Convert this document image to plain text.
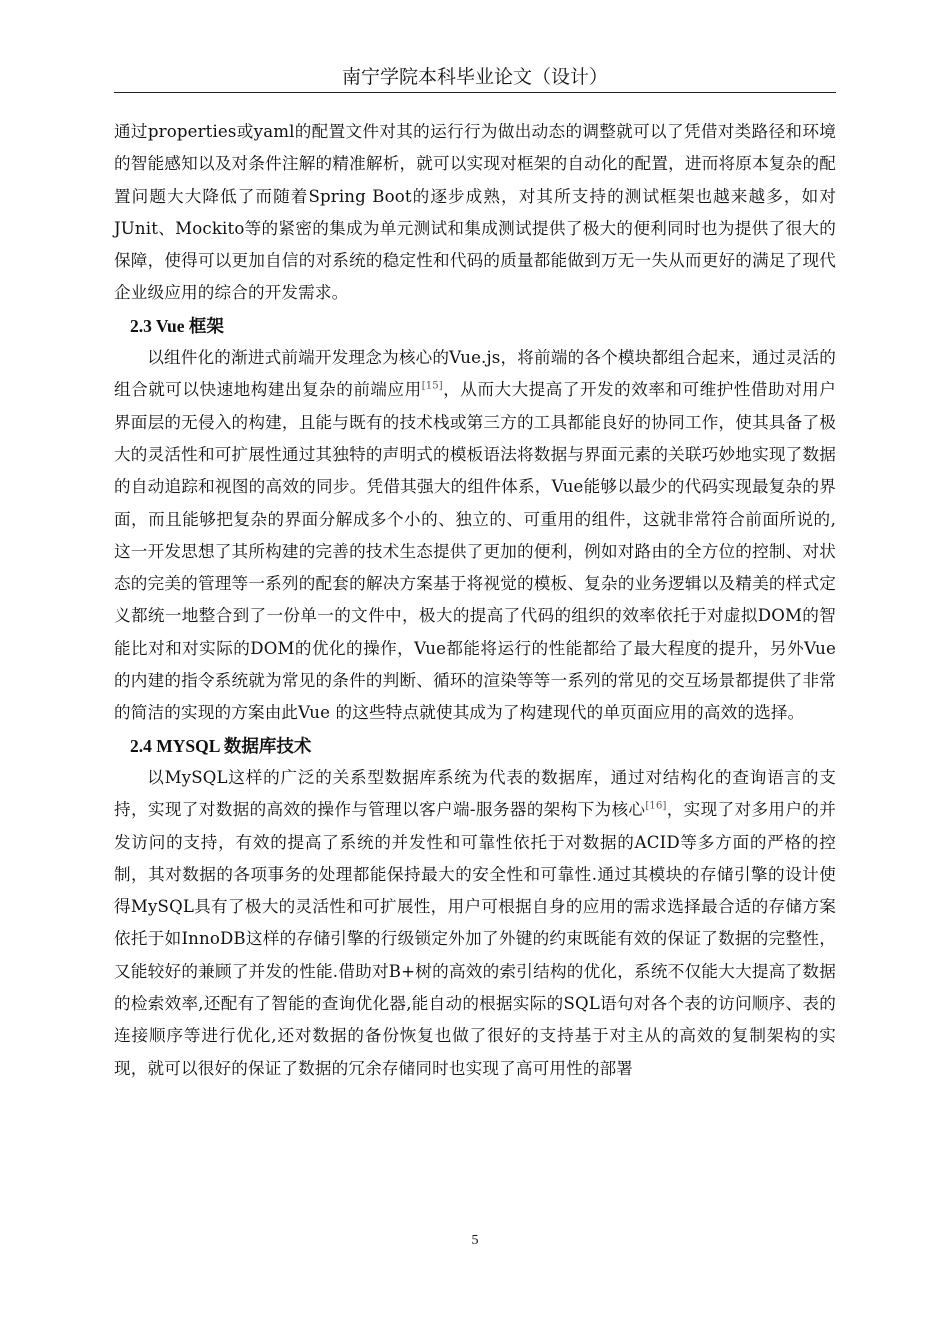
南宁学院本科毕业论文（设计）

通过properties或yaml的配置文件对其的运行行为做出动态的调整就可以了凭借对类路径和环境的智能感知以及对条件注解的精准解析，就可以实现对框架的自动化的配置，进而将原本复杂的配置问题大大降低了而随着Spring Boot的逐步成熟，对其所支持的测试框架也越来越多，如对JUnit、Mockito等的紧密的集成为单元测试和集成测试提供了极大的便利同时也为提供了很大的保障，使得可以更加自信的对系统的稳定性和代码的质量都能做到万无一失从而更好的满足了现代企业级应用的综合的开发需求。

2.3 Vue 框架

以组件化的渐进式前端开发理念为核心的Vue.js，将前端的各个模块都组合起来，通过灵活的组合就可以快速地构建出复杂的前端应用[15]，从而大大提高了开发的效率和可维护性借助对用户界面层的无侵入的构建，且能与既有的技术栈或第三方的工具都能良好的协同工作，使其具备了极大的灵活性和可扩展性通过其独特的声明式的模板语法将数据与界面元素的关联巧妙地实现了数据的自动追踪和视图的高效的同步。凭借其强大的组件体系，Vue能够以最少的代码实现最复杂的界面，而且能够把复杂的界面分解成多个小的、独立的、可重用的组件，这就非常符合前面所说的,这一开发思想了其所构建的完善的技术生态提供了更加的便利，例如对路由的全方位的控制、对状态的完美的管理等一系列的配套的解决方案基于将视觉的模板、复杂的业务逻辑以及精美的样式定义都统一地整合到了一份单一的文件中，极大的提高了代码的组织的效率依托于对虚拟DOM的智能比对和对实际的DOM的优化的操作，Vue都能将运行的性能都给了最大程度的提升，另外Vue的内建的指令系统就为常见的条件的判断、循环的渲染等等一系列的常见的交互场景都提供了非常的简洁的实现的方案由此Vue 的这些特点就使其成为了构建现代的单页面应用的高效的选择。

2.4 MYSQL 数据库技术

以MySQL这样的广泛的关系型数据库系统为代表的数据库，通过对结构化的查询语言的支持，实现了对数据的高效的操作与管理以客户端-服务器的架构下为核心[16]，实现了对多用户的并发访问的支持，有效的提高了系统的并发性和可靠性依托于对数据的ACID等多方面的严格的控制，其对数据的各项事务的处理都能保持最大的安全性和可靠性.通过其模块的存储引擎的设计使得MySQL具有了极大的灵活性和可扩展性，用户可根据自身的应用的需求选择最合适的存储方案依托于如InnoDB这样的存储引擎的行级锁定外加了外键的约束既能有效的保证了数据的完整性，又能较好的兼顾了并发的性能.借助对B+树的高效的索引结构的优化，系统不仅能大大提高了数据的检索效率,还配有了智能的查询优化器,能自动的根据实际的SQL语句对各个表的访问顺序、表的连接顺序等进行优化,还对数据的备份恢复也做了很好的支持基于对主从的高效的复制架构的实现，就可以很好的保证了数据的冗余存储同时也实现了高可用性的部署

5
